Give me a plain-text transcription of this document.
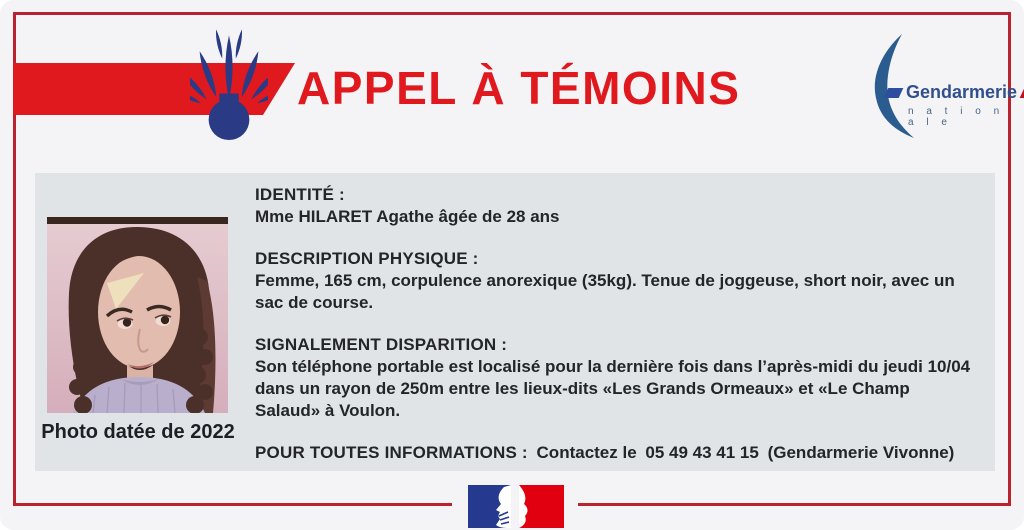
APPEL À TÉMOINS	Gendarmerie
n a t i o n a l e
Photo datée de 2022
IDENTITÉ :
Mme HILARET Agathe âgée de 28 ans
DESCRIPTION PHYSIQUE :
Femme, 165 cm, corpulence anorexique (35kg). Tenue de joggeuse, short noir, avec un sac de course.
SIGNALEMENT DISPARITION :
Son téléphone portable est localisé pour la dernière fois dans l’après-midi du jeudi 10/04 dans un rayon de 250m entre les lieux-dits «Les Grands Ormeaux» et «Le Champ Salaud» à Voulon.
POUR TOUTES INFORMATIONS : Contactez le 05 49 43 41 15 (Gendarmerie Vivonne)
